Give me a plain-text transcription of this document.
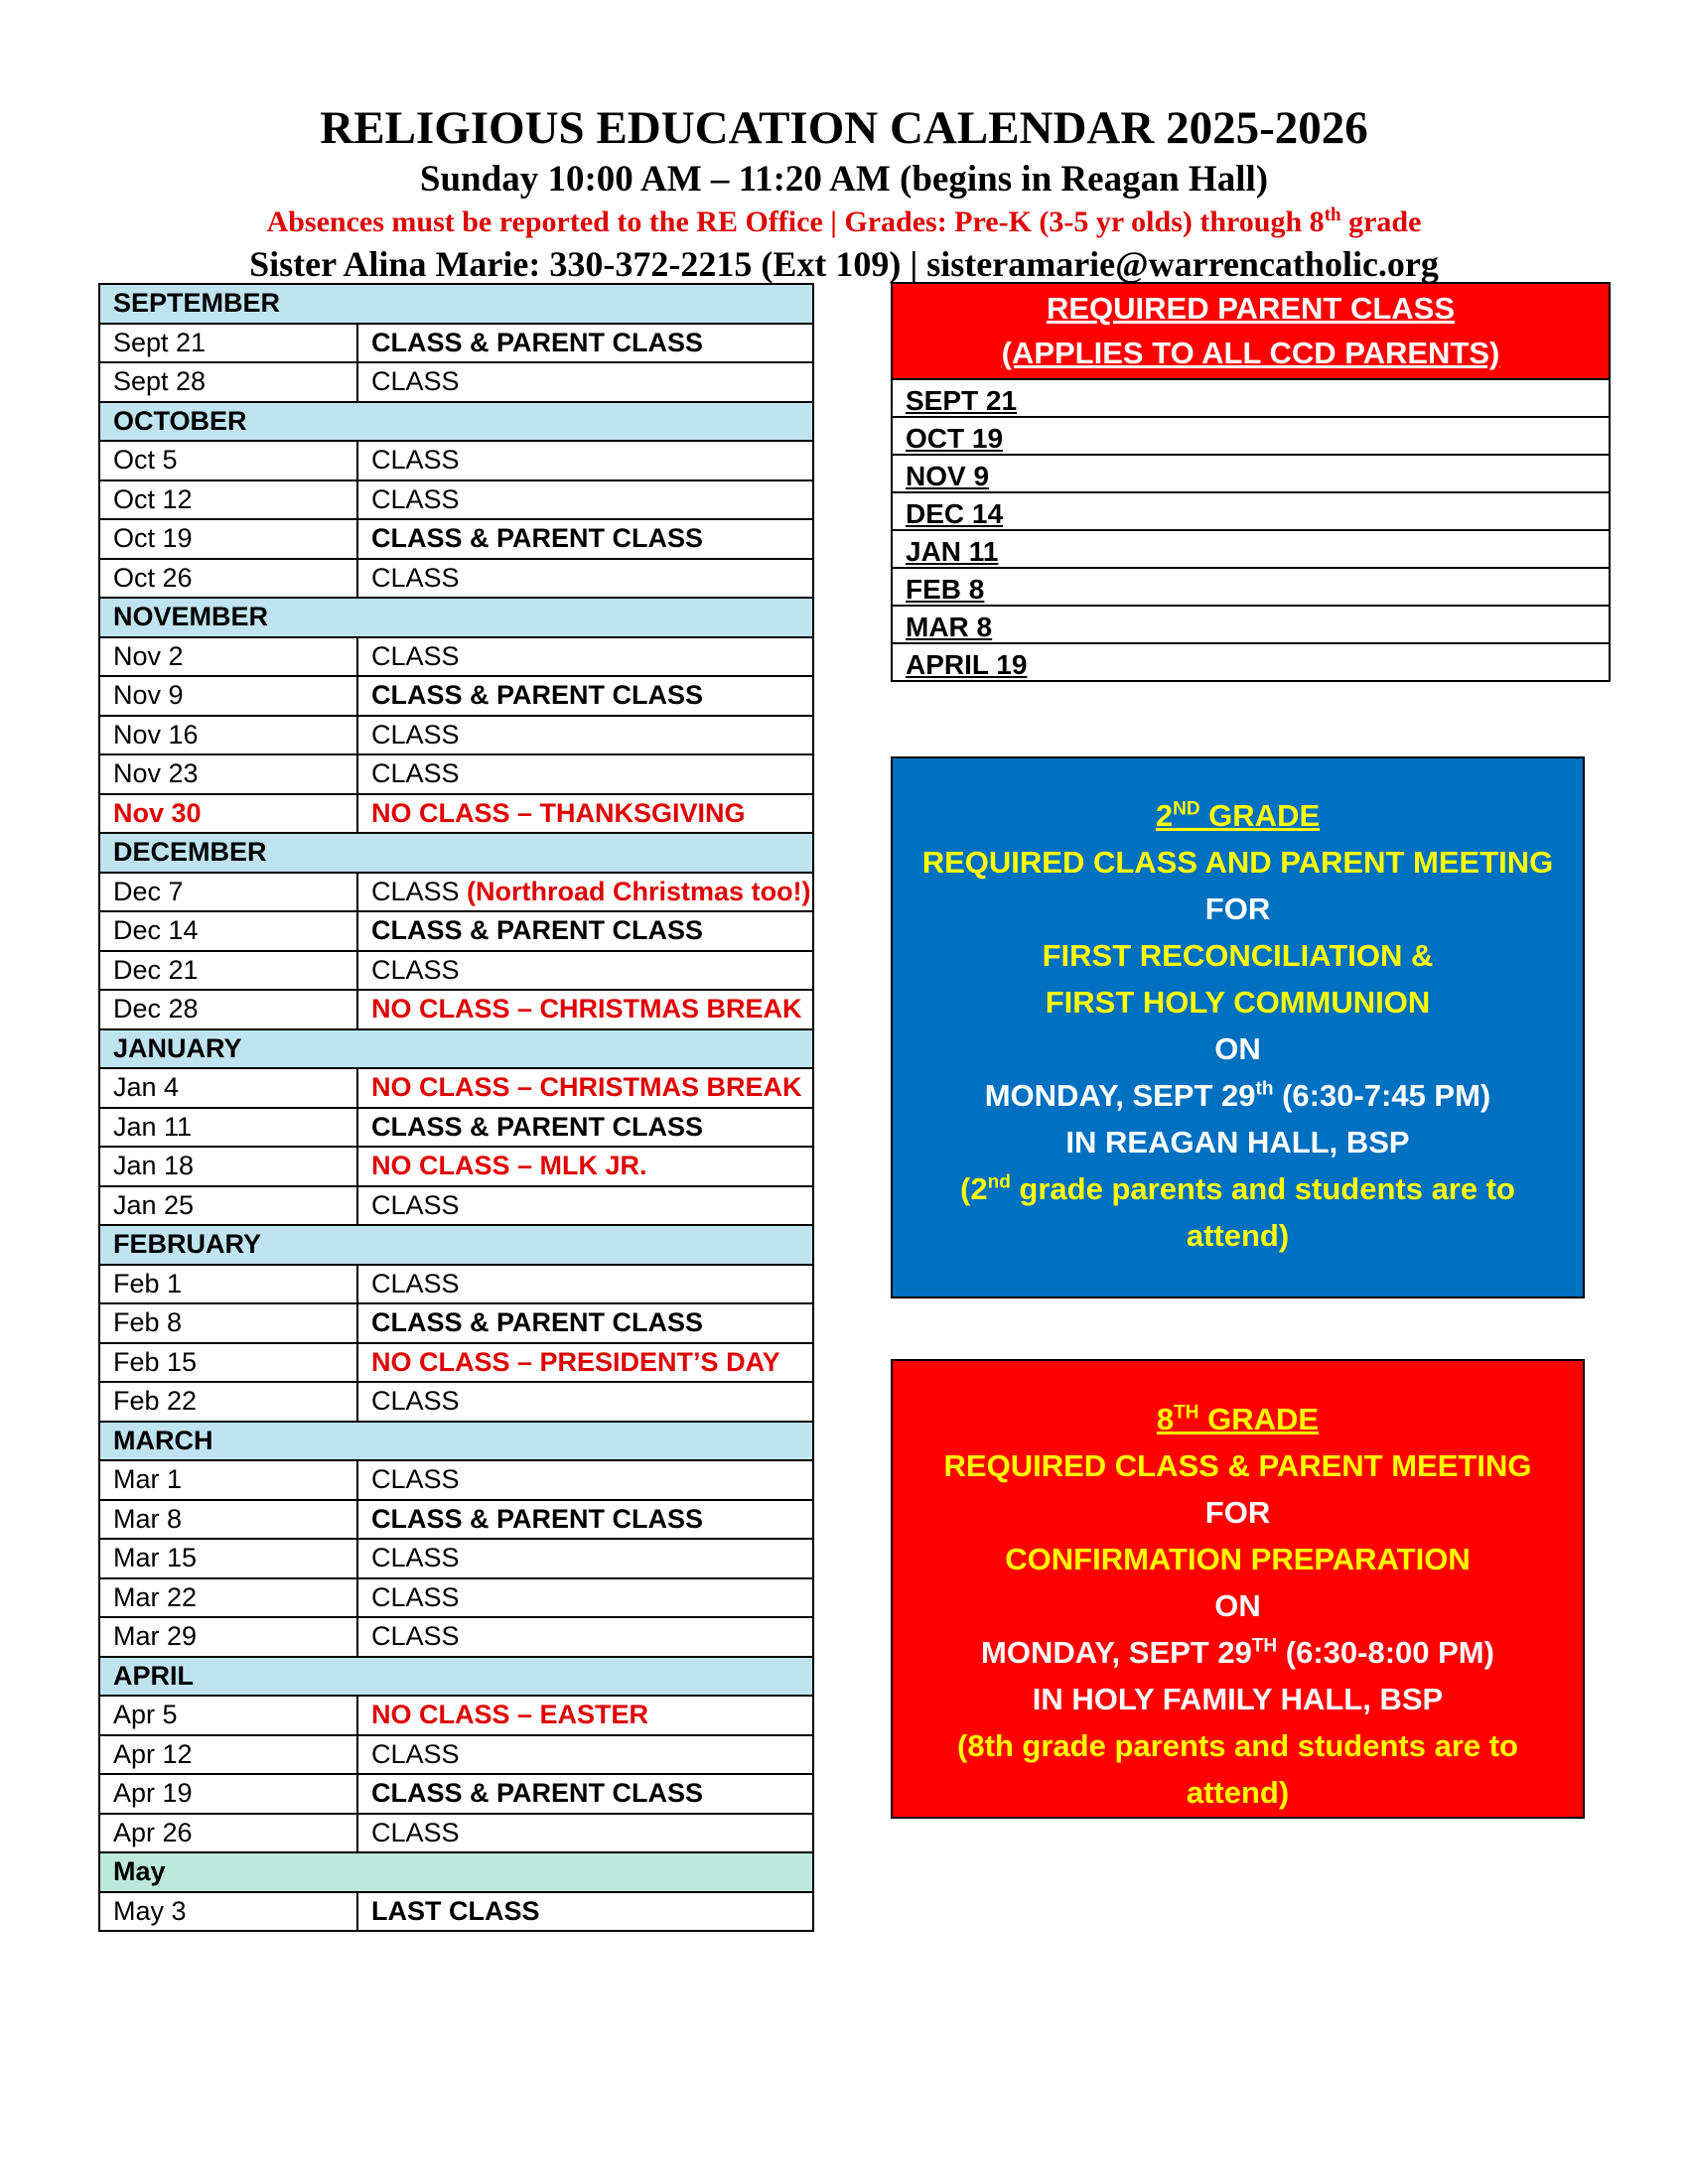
RELIGIOUS EDUCATION CALENDAR 2025-2026
Sunday 10:00 AM – 11:20 AM (begins in Reagan Hall)
Absences must be reported to the RE Office | Grades: Pre-K (3-5 yr olds) through 8th grade
Sister Alina Marie: 330-372-2215 (Ext 109) | sisteramarie@warrencatholic.org
SEPTEMBER	
Sept 21	CLASS & PARENT CLASS
Sept 28	CLASS
OCTOBER	
Oct 5	CLASS
Oct 12	CLASS
Oct 19	CLASS & PARENT CLASS
Oct 26	CLASS
NOVEMBER	
Nov 2	CLASS
Nov 9	CLASS & PARENT CLASS
Nov 16	CLASS
Nov 23	CLASS
Nov 30	NO CLASS – THANKSGIVING
DECEMBER	
Dec 7	CLASS (Northroad Christmas too!)
Dec 14	CLASS & PARENT CLASS
Dec 21	CLASS
Dec 28	NO CLASS – CHRISTMAS BREAK
JANUARY	
Jan 4	NO CLASS – CHRISTMAS BREAK
Jan 11	CLASS & PARENT CLASS
Jan 18	NO CLASS – MLK JR.
Jan 25	CLASS
FEBRUARY	
Feb 1	CLASS
Feb 8	CLASS & PARENT CLASS
Feb 15	NO CLASS – PRESIDENT’S DAY
Feb 22	CLASS
MARCH	
Mar 1	CLASS
Mar 8	CLASS & PARENT CLASS
Mar 15	CLASS
Mar 22	CLASS
Mar 29	CLASS
APRIL	
Apr 5	NO CLASS – EASTER
Apr 12	CLASS
Apr 19	CLASS & PARENT CLASS
Apr 26	CLASS
May	
May 3	LAST CLASS
REQUIRED PARENT CLASS
(APPLIES TO ALL CCD PARENTS)
SEPT 21
OCT 19
NOV 9
DEC 14
JAN 11
FEB 8
MAR 8
APRIL 19
2ND GRADE
REQUIRED CLASS AND PARENT MEETING
FOR
FIRST RECONCILIATION &
FIRST HOLY COMMUNION
ON
MONDAY, SEPT 29th (6:30-7:45 PM)
IN REAGAN HALL, BSP
(2nd grade parents and students are to
attend)
8TH GRADE
REQUIRED CLASS & PARENT MEETING
FOR
CONFIRMATION PREPARATION
ON
MONDAY, SEPT 29TH (6:30-8:00 PM)
IN HOLY FAMILY HALL, BSP
(8th grade parents and students are to
attend)
